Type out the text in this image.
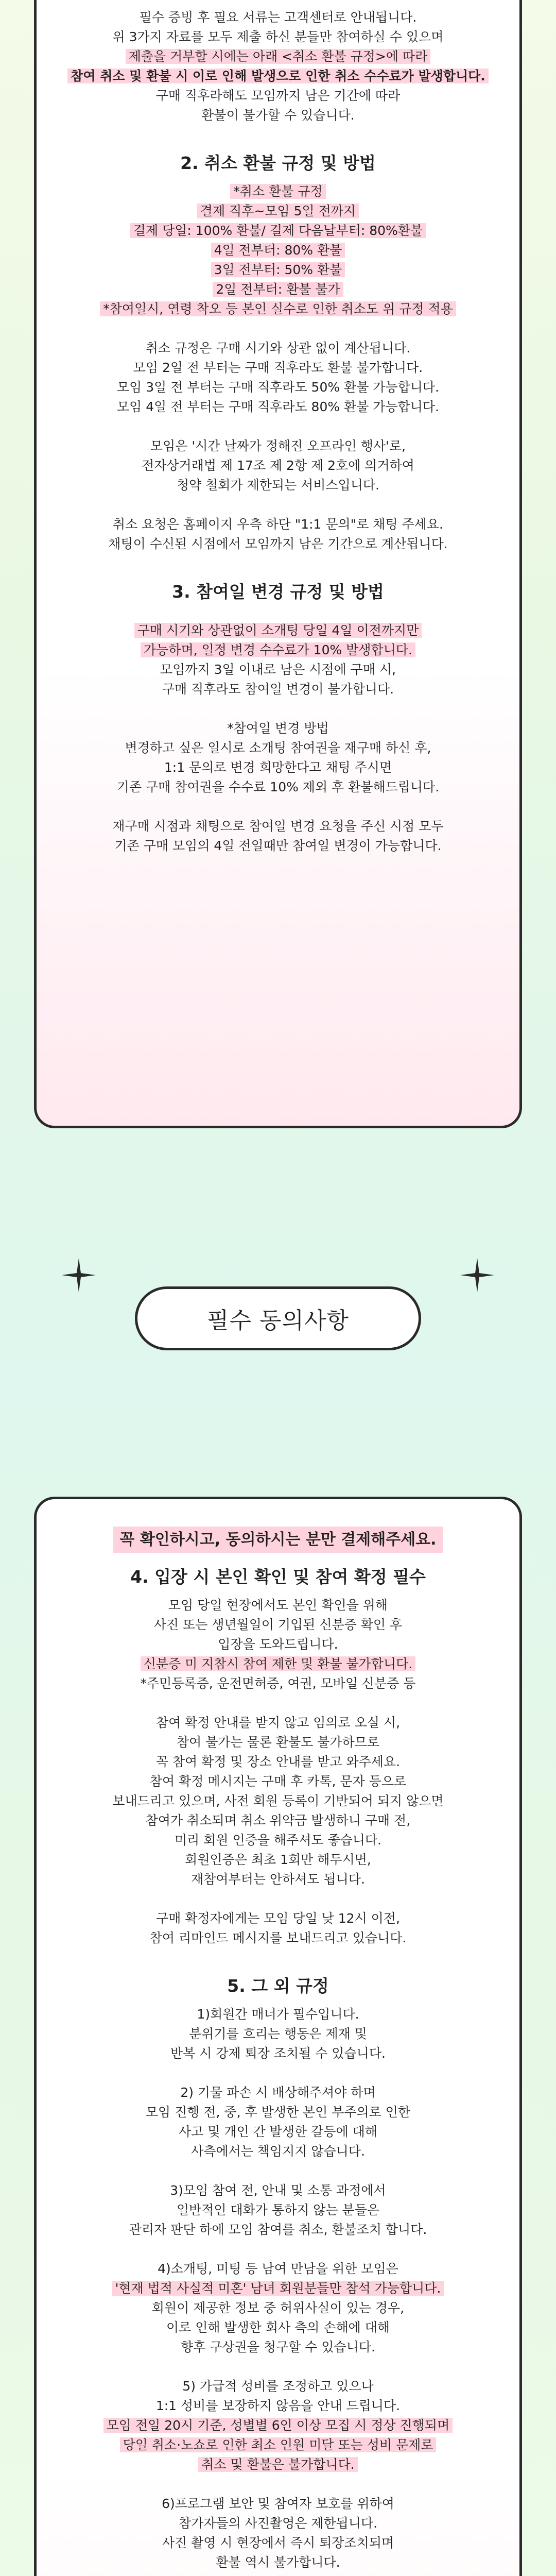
필수 증빙 후 필요 서류는 고객센터로 안내됩니다.
위 3가지 자료를 모두 제출 하신 분들만 참여하실 수 있으며
제출을 거부할 시에는 아래 <취소 환불 규정>에 따라
참여 취소 및 환불 시 이로 인해 발생으로 인한 취소 수수료가 발생합니다.
구매 직후라해도 모임까지 남은 기간에 따라
환불이 불가할 수 있습니다.
2. 취소 환불 규정 및 방법
*취소 환불 규정
결제 직후~모임 5일 전까지
결제 당일: 100% 환불/ 결제 다음날부터: 80%환불
4일 전부터: 80% 환불
3일 전부터: 50% 환불
2일 전부터: 환불 불가
*참여일시, 연령 착오 등 본인 실수로 인한 취소도 위 규정 적용
취소 규정은 구매 시기와 상관 없이 계산됩니다.
모임 2일 전 부터는 구매 직후라도 환불 불가합니다.
모임 3일 전 부터는 구매 직후라도 50% 환불 가능합니다.
모임 4일 전 부터는 구매 직후라도 80% 환불 가능합니다.

모임은 '시간 날짜가 정해진 오프라인 행사'로,
전자상거래법 제 17조 제 2항 제 2호에 의거하여
청약 철회가 제한되는 서비스입니다.

취소 요청은 홈페이지 우측 하단 "1:1 문의"로 채팅 주세요.
채팅이 수신된 시점에서 모임까지 남은 기간으로 계산됩니다.
3. 참여일 변경 규정 및 방법
구매 시기와 상관없이 소개팅 당일 4일 이전까지만
가능하며, 일정 변경 수수료가 10% 발생합니다.
모임까지 3일 이내로 남은 시점에 구매 시,
구매 직후라도 참여일 변경이 불가합니다.

*참여일 변경 방법
변경하고 싶은 일시로 소개팅 참여권을 재구매 하신 후,
1:1 문의로 변경 희망한다고 채팅 주시면
기존 구매 참여권을 수수료 10% 제외 후 환불해드립니다.

재구매 시점과 채팅으로 참여일 변경 요청을 주신 시점 모두
기존 구매 모임의 4일 전일때만 참여일 변경이 가능합니다.
필수 동의사항
꼭 확인하시고, 동의하시는 분만 결제해주세요.
4. 입장 시 본인 확인 및 참여 확정 필수
모임 당일 현장에서도 본인 확인을 위해
사진 또는 생년월일이 기입된 신분증 확인 후
입장을 도와드립니다.
신분증 미 지참시 참여 제한 및 환불 불가합니다.
*주민등록증, 운전면허증, 여권, 모바일 신분증 등

참여 확정 안내를 받지 않고 임의로 오실 시,
참여 불가는 물론 환불도 불가하므로
꼭 참여 확정 및 장소 안내를 받고 와주세요.
참여 확정 메시지는 구매 후 카톡, 문자 등으로
보내드리고 있으며, 사전 회원 등록이 기반되어 되지 않으면
참여가 취소되며 취소 위약금 발생하니 구매 전,
미리 회원 인증을 해주셔도 좋습니다.
회원인증은 최초 1회만 해두시면,
재참여부터는 안하셔도 됩니다.

구매 확정자에게는 모임 당일 낮 12시 이전,
참여 리마인드 메시지를 보내드리고 있습니다.
5. 그 외 규정
1)회원간 매너가 필수입니다.
분위기를 흐리는 행동은 제재 및
반복 시 강제 퇴장 조치될 수 있습니다.

2) 기물 파손 시 배상해주셔야 하며
모임 진행 전, 중, 후 발생한 본인 부주의로 인한
사고 및 개인 간 발생한 갈등에 대해
사측에서는 책임지지 않습니다.

3)모임 참여 전, 안내 및 소통 과정에서
일반적인 대화가 통하지 않는 분들은
관리자 판단 하에 모임 참여를 취소, 환불조치 합니다.

4)소개팅, 미팅 등 남여 만남을 위한 모임은
'현재 법적 사실적 미혼' 남녀 회원분들만 참석 가능합니다.
회원이 제공한 정보 중 허위사실이 있는 경우,
이로 인해 발생한 회사 측의 손해에 대해
향후 구상권을 청구할 수 있습니다.

5) 가급적 성비를 조정하고 있으나
1:1 성비를 보장하지 않음을 안내 드립니다.
모임 전일 20시 기준, 성별별 6인 이상 모집 시 정상 진행되며
당일 취소·노쇼로 인한 최소 인원 미달 또는 성비 문제로
취소 및 환불은 불가합니다.

6)프로그램 보안 및 참여자 보호를 위하여
참가자들의 사진촬영은 제한됩니다.
사진 촬영 시 현장에서 즉시 퇴장조치되며
환불 역시 불가합니다.
